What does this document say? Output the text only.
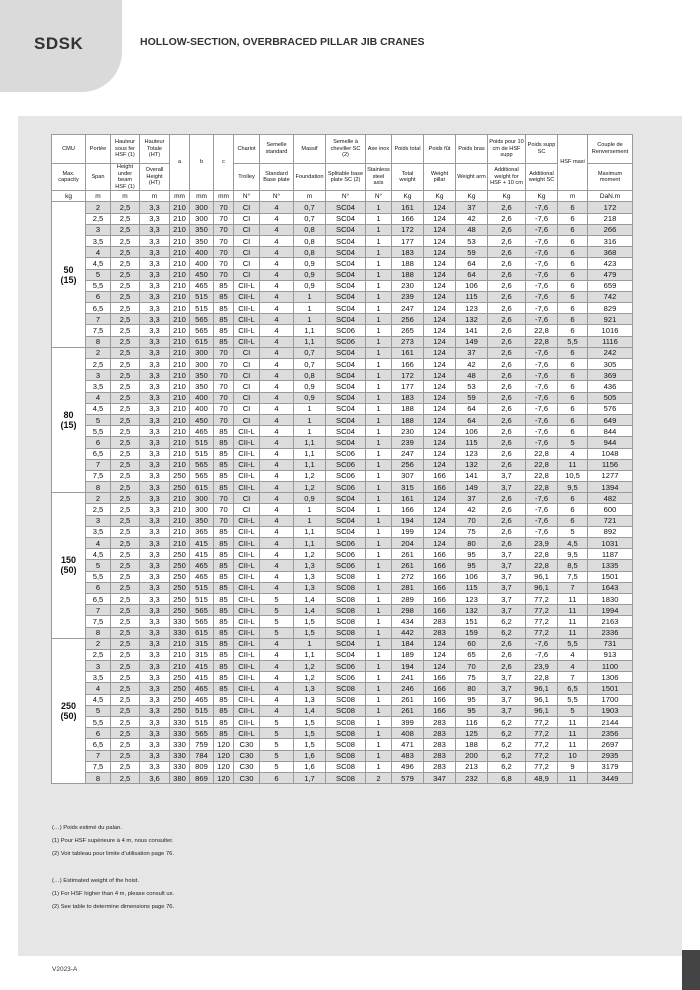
SDSK	HOLLOW-SECTION, OVERBRACED PILLAR JIB CRANES
CMU	Portée	Hauteur sous fer HSF (1)	Hauteur Totale (HT)	a	b	c	Chariot	Semelle standard	Massif	Semelle à cheviller SC (2)	Axe inox	Poids total	Poids fût	Poids bras	Poids pour 10 cm de HSF supp	Poids supp SC	HSF maxi	Couple de Renversement
Max. capacity	Span	Height under beam HSF (1)	Overall Height (HT)				Trolley	Standard Base plate	Foundation	Splitable base plate SC (2)	Stainless steel axis	Total weight	Weight pillar	Weight arm	Additional weight for HSF + 10 cm	Additional weight SC		Maximum moment
kg	m	m	m	mm	mm	mm	N°	N°	m	N°	N°	Kg	Kg	Kg	Kg	Kg	m	DaN.m

50
(15)	2	2,5	3,3	210	300	70	CI	4	0,7	SC04	1	161	124	37	2,6	-7,6	6	172
	2,5	2,5	3,3	210	300	70	CI	4	0,7	SC04	1	166	124	42	2,6	-7,6	6	218
	3	2,5	3,3	210	350	70	CI	4	0,8	SC04	1	172	124	48	2,6	-7,6	6	266
	3,5	2,5	3,3	210	350	70	CI	4	0,8	SC04	1	177	124	53	2,6	-7,6	6	316
	4	2,5	3,3	210	400	70	CI	4	0,8	SC04	1	183	124	59	2,6	-7,6	6	368
	4,5	2,5	3,3	210	400	70	CI	4	0,9	SC04	1	188	124	64	2,6	-7,6	6	423
	5	2,5	3,3	210	450	70	CI	4	0,9	SC04	1	188	124	64	2,6	-7,6	6	479
	5,5	2,5	3,3	210	465	85	CII-L	4	0,9	SC04	1	230	124	106	2,6	-7,6	6	659
	6	2,5	3,3	210	515	85	CII-L	4	1	SC04	1	239	124	115	2,6	-7,6	6	742
	6,5	2,5	3,3	210	515	85	CII-L	4	1	SC04	1	247	124	123	2,6	-7,6	6	829
	7	2,5	3,3	210	565	85	CII-L	4	1	SC04	1	256	124	132	2,6	-7,6	6	921
	7,5	2,5	3,3	210	565	85	CII-L	4	1,1	SC06	1	265	124	141	2,6	22,8	6	1016
	8	2,5	3,3	210	615	85	CII-L	4	1,1	SC06	1	273	124	149	2,6	22,8	5,5	1116

80
(15)	2	2,5	3,3	210	300	70	CI	4	0,7	SC04	1	161	124	37	2,6	-7,6	6	242
	2,5	2,5	3,3	210	300	70	CI	4	0,7	SC04	1	166	124	42	2,6	-7,6	6	305
	3	2,5	3,3	210	350	70	CI	4	0,8	SC04	1	172	124	48	2,6	-7,6	6	369
	3,5	2,5	3,3	210	350	70	CI	4	0,9	SC04	1	177	124	53	2,6	-7,6	6	436
	4	2,5	3,3	210	400	70	CI	4	0,9	SC04	1	183	124	59	2,6	-7,6	6	505
	4,5	2,5	3,3	210	400	70	CI	4	1	SC04	1	188	124	64	2,6	-7,6	6	576
	5	2,5	3,3	210	450	70	CI	4	1	SC04	1	188	124	64	2,6	-7,6	6	649
	5,5	2,5	3,3	210	465	85	CII-L	4	1	SC04	1	230	124	106	2,6	-7,6	6	844
	6	2,5	3,3	210	515	85	CII-L	4	1,1	SC04	1	239	124	115	2,6	-7,6	5	944
	6,5	2,5	3,3	210	515	85	CII-L	4	1,1	SC06	1	247	124	123	2,6	22,8	4	1048
	7	2,5	3,3	210	565	85	CII-L	4	1,1	SC06	1	256	124	132	2,6	22,8	11	1156
	7,5	2,5	3,3	250	565	85	CII-L	4	1,2	SC06	1	307	166	141	3,7	22,8	10,5	1277
	8	2,5	3,3	250	615	85	CII-L	4	1,2	SC06	1	315	166	149	3,7	22,8	9,5	1394

150
(50)	2	2,5	3,3	210	300	70	CI	4	0,9	SC04	1	161	124	37	2,6	-7,6	6	482
	2,5	2,5	3,3	210	300	70	CI	4	1	SC04	1	166	124	42	2,6	-7,6	6	600
	3	2,5	3,3	210	350	70	CII-L	4	1	SC04	1	194	124	70	2,6	-7,6	6	721
	3,5	2,5	3,3	210	365	85	CII-L	4	1,1	SC04	1	199	124	75	2,6	-7,6	5	892
	4	2,5	3,3	210	415	85	CII-L	4	1,1	SC06	1	204	124	80	2,6	23,9	4,5	1031
	4,5	2,5	3,3	250	415	85	CII-L	4	1,2	SC06	1	261	166	95	3,7	22,8	9,5	1187
	5	2,5	3,3	250	465	85	CII-L	4	1,3	SC06	1	261	166	95	3,7	22,8	8,5	1335
	5,5	2,5	3,3	250	465	85	CII-L	4	1,3	SC08	1	272	166	106	3,7	96,1	7,5	1501
	6	2,5	3,3	250	515	85	CII-L	4	1,3	SC08	1	281	166	115	3,7	96,1	7	1643
	6,5	2,5	3,3	250	515	85	CII-L	5	1,4	SC08	1	289	166	123	3,7	77,2	11	1830
	7	2,5	3,3	250	565	85	CII-L	5	1,4	SC08	1	298	166	132	3,7	77,2	11	1994
	7,5	2,5	3,3	330	565	85	CII-L	5	1,5	SC08	1	434	283	151	6,2	77,2	11	2163
	8	2,5	3,3	330	615	85	CII-L	5	1,5	SC08	1	442	283	159	6,2	77,2	11	2336

250
(50)	2	2,5	3,3	210	315	85	CII-L	4	1	SC04	1	184	124	60	2,6	-7,6	5,5	731
	2,5	2,5	3,3	210	315	85	CII-L	4	1,1	SC04	1	189	124	65	2,6	-7,6	4	913
	3	2,5	3,3	210	415	85	CII-L	4	1,2	SC06	1	194	124	70	2,6	23,9	4	1100
	3,5	2,5	3,3	250	415	85	CII-L	4	1,2	SC06	1	241	166	75	3,7	22,8	7	1306
	4	2,5	3,3	250	465	85	CII-L	4	1,3	SC08	1	246	166	80	3,7	96,1	6,5	1501
	4,5	2,5	3,3	250	465	85	CII-L	4	1,3	SC08	1	261	166	95	3,7	96,1	5,5	1700
	5	2,5	3,3	250	515	85	CII-L	4	1,4	SC08	1	261	166	95	3,7	96,1	5	1903
	5,5	2,5	3,3	330	515	85	CII-L	5	1,5	SC08	1	399	283	116	6,2	77,2	11	2144
	6	2,5	3,3	330	565	85	CII-L	5	1,5	SC08	1	408	283	125	6,2	77,2	11	2356
	6,5	2,5	3,3	330	759	120	C30	5	1,5	SC08	1	471	283	188	6,2	77,2	11	2697
	7	2,5	3,3	330	784	120	C30	5	1,6	SC08	1	483	283	200	6,2	77,2	10	2935
	7,5	2,5	3,3	330	809	120	C30	5	1,6	SC08	1	496	283	213	6,2	77,2	9	3179
	8	2,5	3,6	380	869	120	C30	6	1,7	SC08	2	579	347	232	6,8	48,9	11	3449
(…) Poids estimé du palan.
(1) Pour HSF supérieure à 4 m, nous consulter.
(2) Voir tableau pour limite d'utilisation page 76.
(…) Estimated weight of the hoist.
(1) For HSF higher than 4 m, please consult us.
(2) See table to determine dimensions page 76.
V2023-A
